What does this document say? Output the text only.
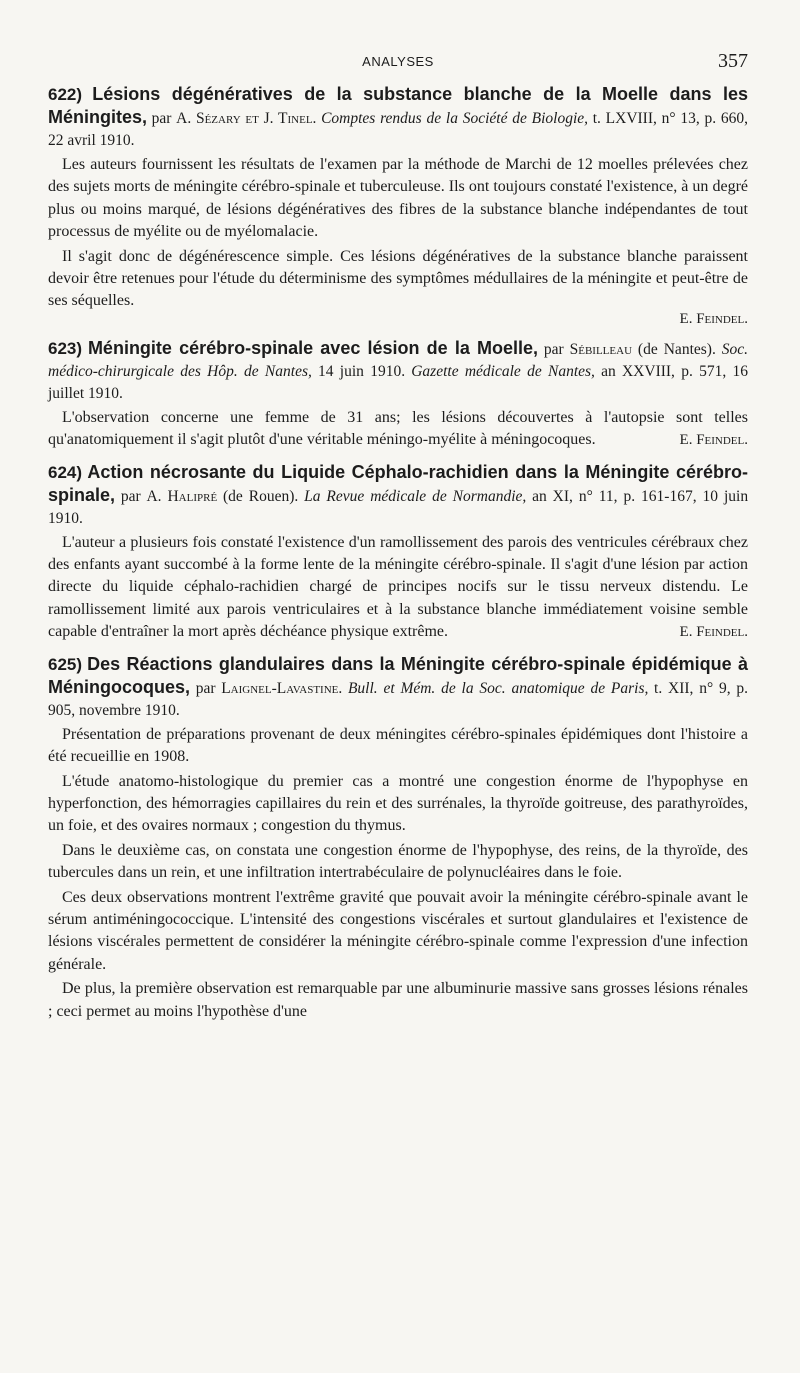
ANALYSES	357

622) Lésions dégénératives de la substance blanche de la Moelle dans les Méningites, par A. Sézary et J. Tinel. Comptes rendus de la Société de Biologie, t. LXVIII, n° 13, p. 660, 22 avril 1910.

Les auteurs fournissent les résultats de l'examen par la méthode de Marchi de 12 moelles prélevées chez des sujets morts de méningite cérébro-spinale et tuberculeuse. Ils ont toujours constaté l'existence, à un degré plus ou moins marqué, de lésions dégénératives des fibres de la substance blanche indépendantes de tout processus de myélite ou de myélomalacie.

Il s'agit donc de dégénérescence simple. Ces lésions dégénératives de la substance blanche paraissent devoir être retenues pour l'étude du déterminisme des symptômes médullaires de la méningite et peut-être de ses séquelles.

E. Feindel.

623) Méningite cérébro-spinale avec lésion de la Moelle, par Sébilleau (de Nantes). Soc. médico-chirurgicale des Hôp. de Nantes, 14 juin 1910. Gazette médicale de Nantes, an XXVIII, p. 571, 16 juillet 1910.

L'observation concerne une femme de 31 ans; les lésions découvertes à l'autopsie sont telles qu'anatomiquement il s'agit plutôt d'une véritable méningo-myélite à méningocoques.	E. Feindel.

624) Action nécrosante du Liquide Céphalo-rachidien dans la Méningite cérébro-spinale, par A. Halipré (de Rouen). La Revue médicale de Normandie, an XI, n° 11, p. 161-167, 10 juin 1910.

L'auteur a plusieurs fois constaté l'existence d'un ramollissement des parois des ventricules cérébraux chez des enfants ayant succombé à la forme lente de la méningite cérébro-spinale. Il s'agit d'une lésion par action directe du liquide céphalo-rachidien chargé de principes nocifs sur le tissu nerveux distendu. Le ramollissement limité aux parois ventriculaires et à la substance blanche immédiatement voisine semble capable d'entraîner la mort après déchéance physique extrême.	E. Feindel.

625) Des Réactions glandulaires dans la Méningite cérébro-spinale épidémique à Méningocoques, par Laignel-Lavastine. Bull. et Mém. de la Soc. anatomique de Paris, t. XII, n° 9, p. 905, novembre 1910.

Présentation de préparations provenant de deux méningites cérébro-spinales épidémiques dont l'histoire a été recueillie en 1908.

L'étude anatomo-histologique du premier cas a montré une congestion énorme de l'hypophyse en hyperfonction, des hémorragies capillaires du rein et des surrénales, la thyroïde goitreuse, des parathyroïdes, un foie, et des ovaires normaux ; congestion du thymus.

Dans le deuxième cas, on constata une congestion énorme de l'hypophyse, des reins, de la thyroïde, des tubercules dans un rein, et une infiltration intertrabéculaire de polynucléaires dans le foie.

Ces deux observations montrent l'extrême gravité que pouvait avoir la méningite cérébro-spinale avant le sérum antiméningococcique. L'intensité des congestions viscérales et surtout glandulaires et l'existence de lésions viscérales permettent de considérer la méningite cérébro-spinale comme l'expression d'une infection générale.

De plus, la première observation est remarquable par une albuminurie massive sans grosses lésions rénales ; ceci permet au moins l'hypothèse d'une
